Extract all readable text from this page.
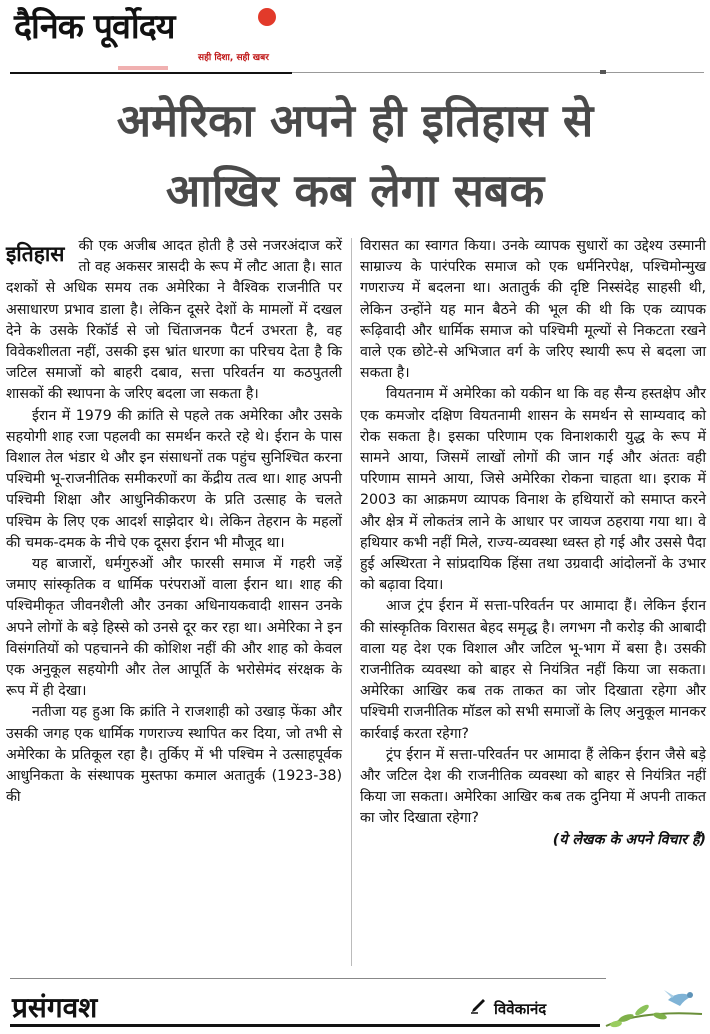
दैनिक पूर्वोदय
सही दिशा, सही खबर
अमेरिका अपने ही इतिहास से
आखिर कब लेगा सबक

इतिहास की एक अजीब आदत होती है उसे नजरअंदाज करें तो वह अकसर त्रासदी के रूप में लौट आता है। सात दशकों से अधिक समय तक अमेरिका ने वैश्विक राजनीति पर असाधारण प्रभाव डाला है। लेकिन दूसरे देशों के मामलों में दखल देने के उसके रिकॉर्ड से जो चिंताजनक पैटर्न उभरता है, वह विवेकशीलता नहीं, उसकी इस भ्रांत धारणा का परिचय देता है कि जटिल समाजों को बाहरी दबाव, सत्ता परिवर्तन या कठपुतली शासकों की स्थापना के जरिए बदला जा सकता है।

ईरान में 1979 की क्रांति से पहले तक अमेरिका और उसके सहयोगी शाह रजा पहलवी का समर्थन करते रहे थे। ईरान के पास विशाल तेल भंडार थे और इन संसाधनों तक पहुंच सुनिश्चित करना पश्चिमी भू-राजनीतिक समीकरणों का केंद्रीय तत्व था। शाह अपनी पश्चिमी शिक्षा और आधुनिकीकरण के प्रति उत्साह के चलते पश्चिम के लिए एक आदर्श साझेदार थे। लेकिन तेहरान के महलों की चमक-दमक के नीचे एक दूसरा ईरान भी मौजूद था।

यह बाजारों, धर्मगुरुओं और फारसी समाज में गहरी जड़ें जमाए सांस्कृतिक व धार्मिक परंपराओं वाला ईरान था। शाह की पश्चिमीकृत जीवनशैली और उनका अधिनायकवादी शासन उनके अपने लोगों के बड़े हिस्से को उनसे दूर कर रहा था। अमेरिका ने इन विसंगतियों को पहचानने की कोशिश नहीं की और शाह को केवल एक अनुकूल सहयोगी और तेल आपूर्ति के भरोसेमंद संरक्षक के रूप में ही देखा।

नतीजा यह हुआ कि क्रांति ने राजशाही को उखाड़ फेंका और उसकी जगह एक धार्मिक गणराज्य स्थापित कर दिया, जो तभी से अमेरिका के प्रतिकूल रहा है। तुर्किए में भी पश्चिम ने उत्साहपूर्वक आधुनिकता के संस्थापक मुस्तफा कमाल अतातुर्क (1923-38) की

विरासत का स्वागत किया। उनके व्यापक सुधारों का उद्देश्य उस्मानी साम्राज्य के पारंपरिक समाज को एक धर्मनिरपेक्ष, पश्चिमोन्मुख गणराज्य में बदलना था। अतातुर्क की दृष्टि निस्संदेह साहसी थी, लेकिन उन्होंने यह मान बैठने की भूल की थी कि एक व्यापक रूढ़िवादी और धार्मिक समाज को पश्चिमी मूल्यों से निकटता रखने वाले एक छोटे-से अभिजात वर्ग के जरिए स्थायी रूप से बदला जा सकता है।

वियतनाम में अमेरिका को यकीन था कि वह सैन्य हस्तक्षेप और एक कमजोर दक्षिण वियतनामी शासन के समर्थन से साम्यवाद को रोक सकता है। इसका परिणाम एक विनाशकारी युद्ध के रूप में सामने आया, जिसमें लाखों लोगों की जान गई और अंततः वही परिणाम सामने आया, जिसे अमेरिका रोकना चाहता था। इराक में 2003 का आक्रमण व्यापक विनाश के हथियारों को समाप्त करने और क्षेत्र में लोकतंत्र लाने के आधार पर जायज ठहराया गया था। वे हथियार कभी नहीं मिले, राज्य-व्यवस्था ध्वस्त हो गई और उससे पैदा हुई अस्थिरता ने सांप्रदायिक हिंसा तथा उग्रवादी आंदोलनों के उभार को बढ़ावा दिया।

आज ट्रंप ईरान में सत्ता-परिवर्तन पर आमादा हैं। लेकिन ईरान की सांस्कृतिक विरासत बेहद समृद्ध है। लगभग नौ करोड़ की आबादी वाला यह देश एक विशाल और जटिल भू-भाग में बसा है। उसकी राजनीतिक व्यवस्था को बाहर से नियंत्रित नहीं किया जा सकता। अमेरिका आखिर कब तक ताकत का जोर दिखाता रहेगा और पश्चिमी राजनीतिक मॉडल को सभी समाजों के लिए अनुकूल मानकर कार्रवाई करता रहेगा?

ट्रंप ईरान में सत्ता-परिवर्तन पर आमादा हैं लेकिन ईरान जैसे बड़े और जटिल देश की राजनीतिक व्यवस्था को बाहर से नियंत्रित नहीं किया जा सकता। अमेरिका आखिर कब तक दुनिया में अपनी ताकत का जोर दिखाता रहेगा?

(ये लेखक के अपने विचार हैं)

प्रसंगवश	विवेकानंद
